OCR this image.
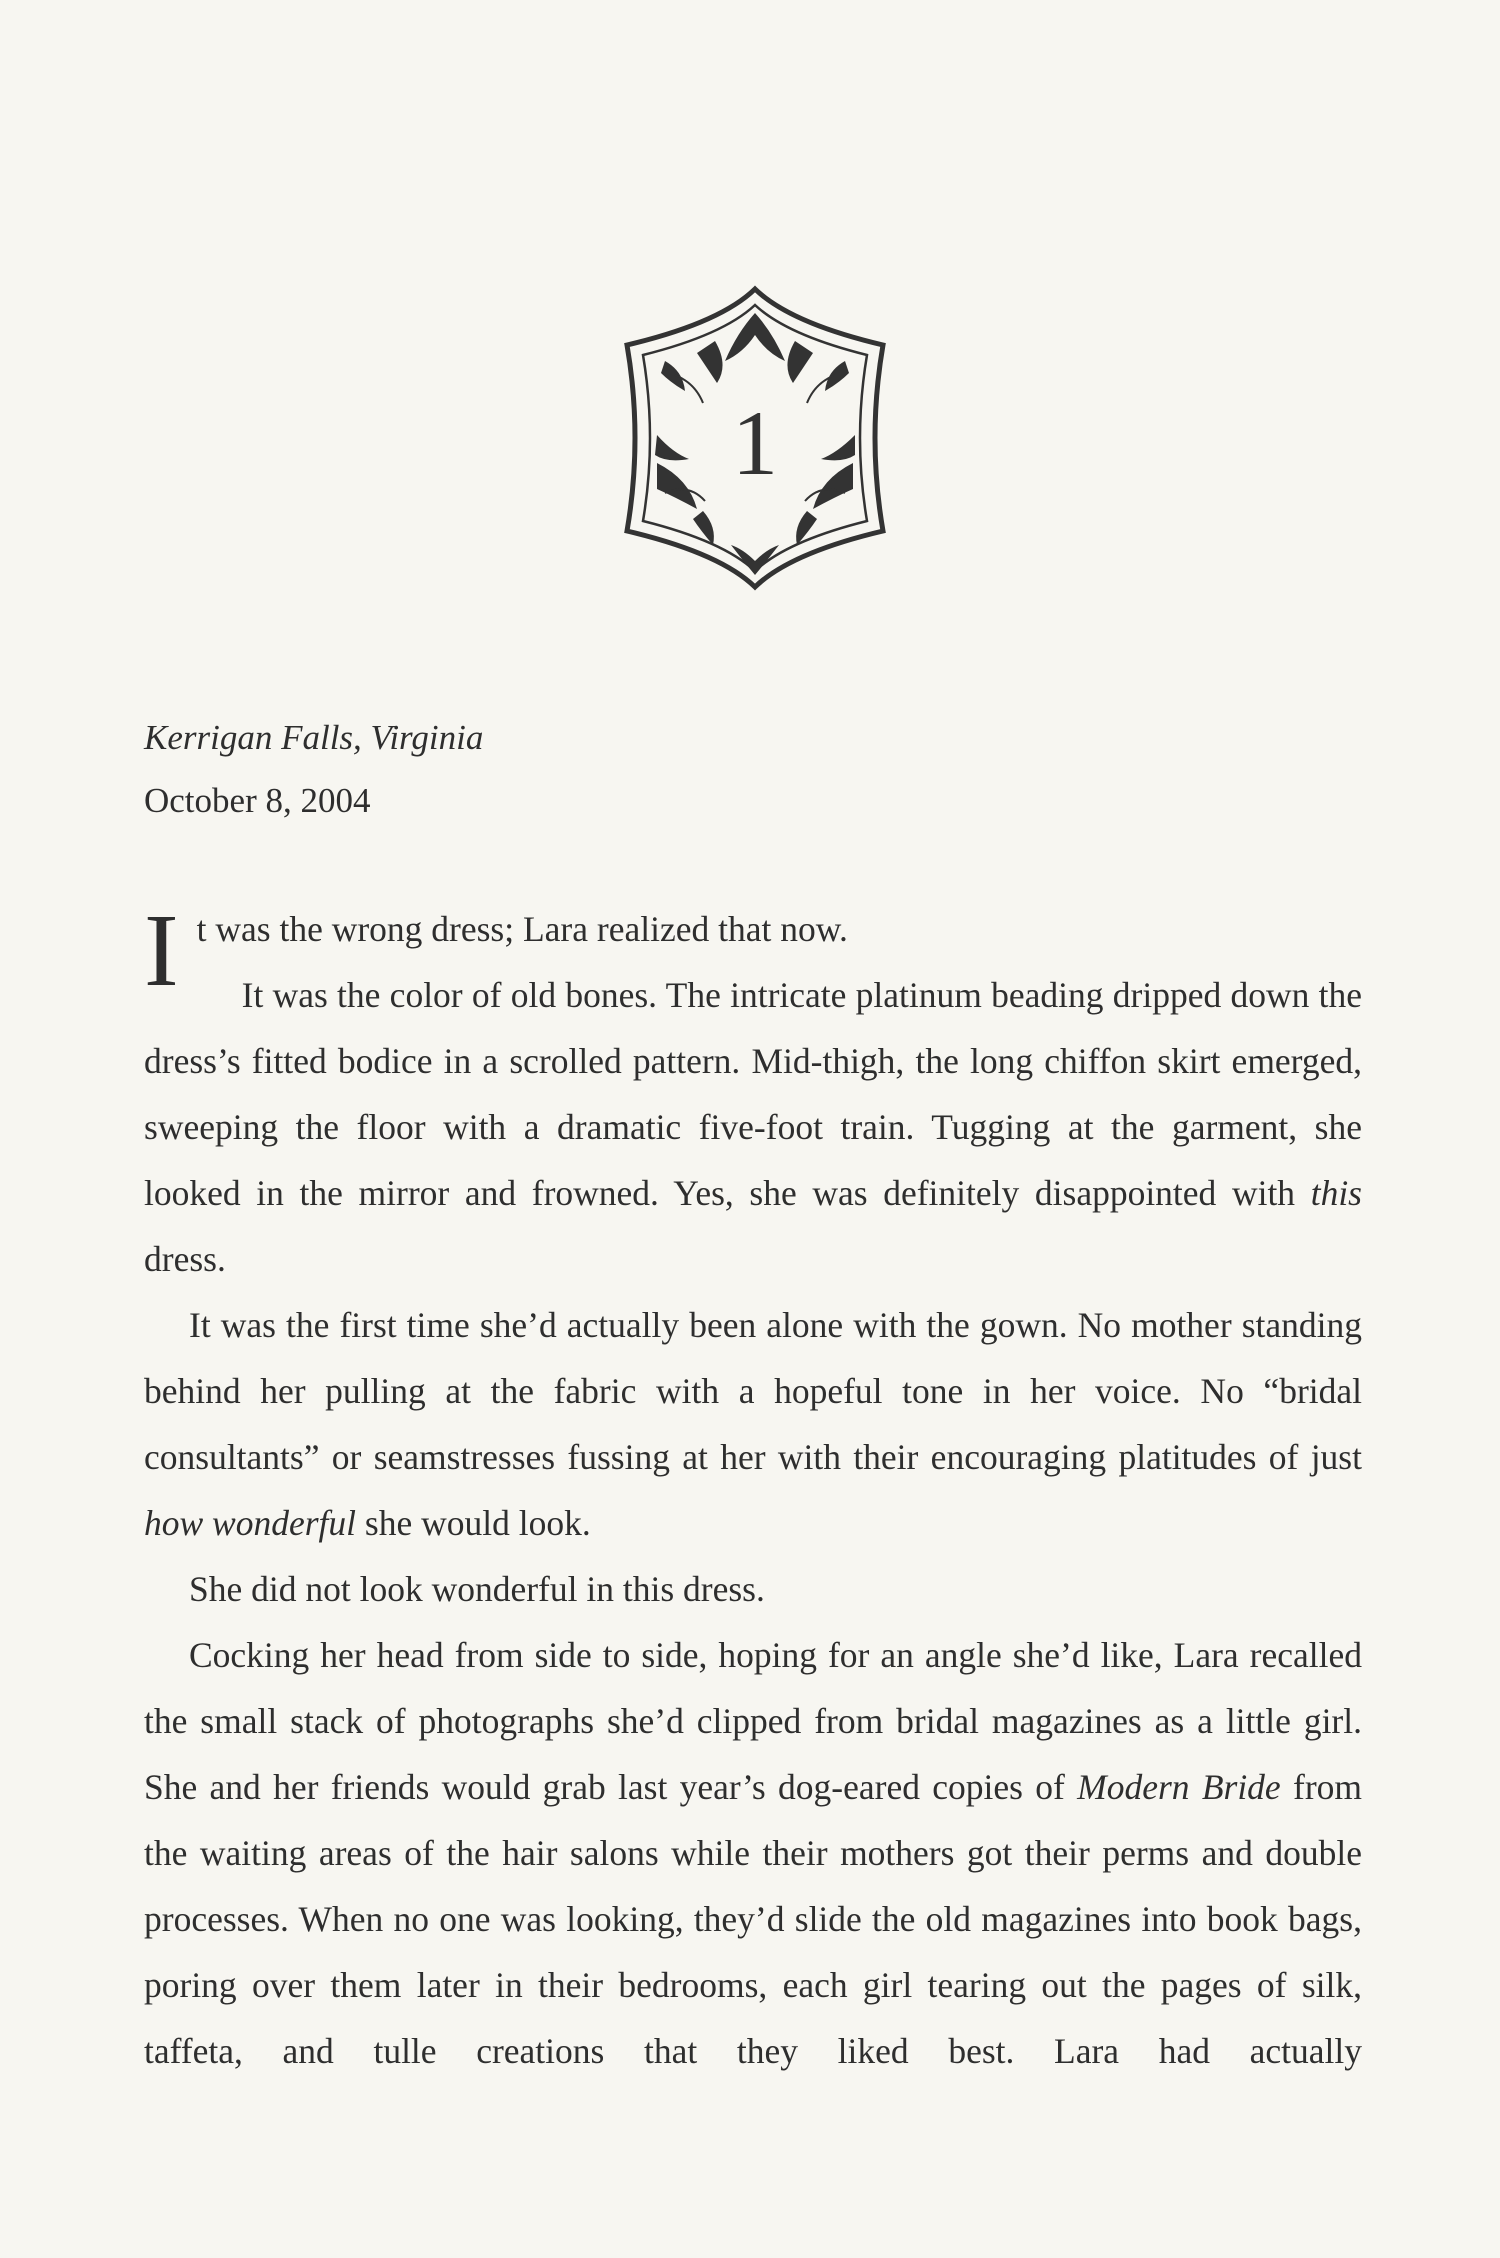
1
Kerrigan Falls, Virginia
October 8, 2004

It was the wrong dress; Lara realized that now.

It was the color of old bones. The intricate platinum beading dripped down the dress’s fitted bodice in a scrolled pattern. Mid-thigh, the long chiffon skirt emerged, sweeping the floor with a dramatic five-foot train. Tugging at the garment, she looked in the mirror and frowned. Yes, she was definitely disappointed with this dress.

It was the first time she’d actually been alone with the gown. No mother standing behind her pulling at the fabric with a hopeful tone in her voice. No “bridal consultants” or seamstresses fussing at her with their encouraging platitudes of just how wonderful she would look.

She did not look wonderful in this dress.

Cocking her head from side to side, hoping for an angle she’d like, Lara recalled the small stack of photographs she’d clipped from bridal magazines as a little girl. She and her friends would grab last year’s dog-eared copies of Modern Bride from the waiting areas of the hair salons while their mothers got their perms and double processes. When no one was looking, they’d slide the old magazines into book bags, poring over them later in their bedrooms, each girl tearing out the pages of silk, taffeta, and tulle creations that they liked best. Lara had actually
